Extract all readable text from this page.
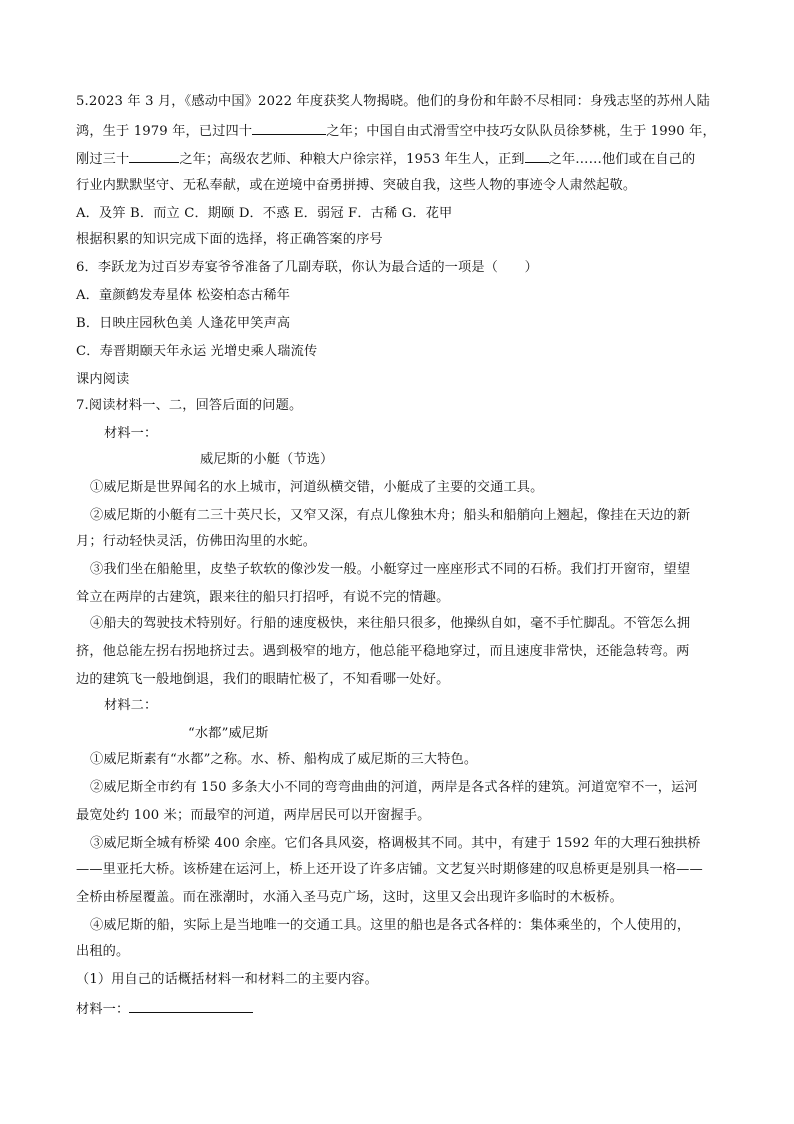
5.2023 年 3 月，《感动中国》2022 年度获奖人物揭晓。他们的身份和年龄不尽相同：身残志坚的苏州人陆
鸿，生于 1979 年，已过四十	之年；中国自由式滑雪空中技巧女队队员徐梦桃，生于 1990 年，
刚过三十	之年；高级农艺师、种粮大户徐宗祥，1953 年生人，正到 之年……他们或在自己的
行业内默默坚守、无私奉献，或在逆境中奋勇拼搏、突破自我，这些人物的事迹令人肃然起敬。
A．及笄 B．而立 C．期颐 D．不惑 E．弱冠 F．古稀 G．花甲
根据积累的知识完成下面的选择，将正确答案的序号
6．李跃龙为过百岁寿宴爷爷准备了几副寿联，你认为最合适的一项是（　　）
A．童颜鹤发寿星体 松姿柏态古稀年
B．日映庄园秋色美 人逢花甲笑声高
C．寿晋期颐天年永运 光增史乘人瑞流传
课内阅读
7.阅读材料一、二，回答后面的问题。
材料一：
威尼斯的小艇（节选）
①威尼斯是世界闻名的水上城市，河道纵横交错，小艇成了主要的交通工具。
②威尼斯的小艇有二三十英尺长，又窄又深，有点儿像独木舟；船头和船艄向上翘起，像挂在天边的新
月；行动轻快灵活，仿佛田沟里的水蛇。
③我们坐在船舱里，皮垫子软软的像沙发一般。小艇穿过一座座形式不同的石桥。我们打开窗帘，望望
耸立在两岸的古建筑，跟来往的船只打招呼，有说不完的情趣。
④船夫的驾驶技术特别好。行船的速度极快，来往船只很多，他操纵自如，毫不手忙脚乱。不管怎么拥
挤，他总能左拐右拐地挤过去。遇到极窄的地方，他总能平稳地穿过，而且速度非常快，还能急转弯。两
边的建筑飞一般地倒退，我们的眼睛忙极了，不知看哪一处好。
材料二：
“水都”威尼斯
①威尼斯素有“水都”之称。水、桥、船构成了威尼斯的三大特色。
②威尼斯全市约有 150 多条大小不同的弯弯曲曲的河道，两岸是各式各样的建筑。河道宽窄不一，运河
最宽处约 100 米；而最窄的河道，两岸居民可以开窗握手。
③威尼斯全城有桥梁 400 余座。它们各具风姿，格调极其不同。其中，有建于 1592 年的大理石独拱桥
——里亚托大桥。该桥建在运河上，桥上还开设了许多店铺。文艺复兴时期修建的叹息桥更是别具一格——
全桥由桥屋覆盖。而在涨潮时，水涌入圣马克广场，这时，这里又会出现许多临时的木板桥。
④威尼斯的船，实际上是当地唯一的交通工具。这里的船也是各式各样的：集体乘坐的，个人使用的，
出租的。
（1）用自己的话概括材料一和材料二的主要内容。
材料一：
